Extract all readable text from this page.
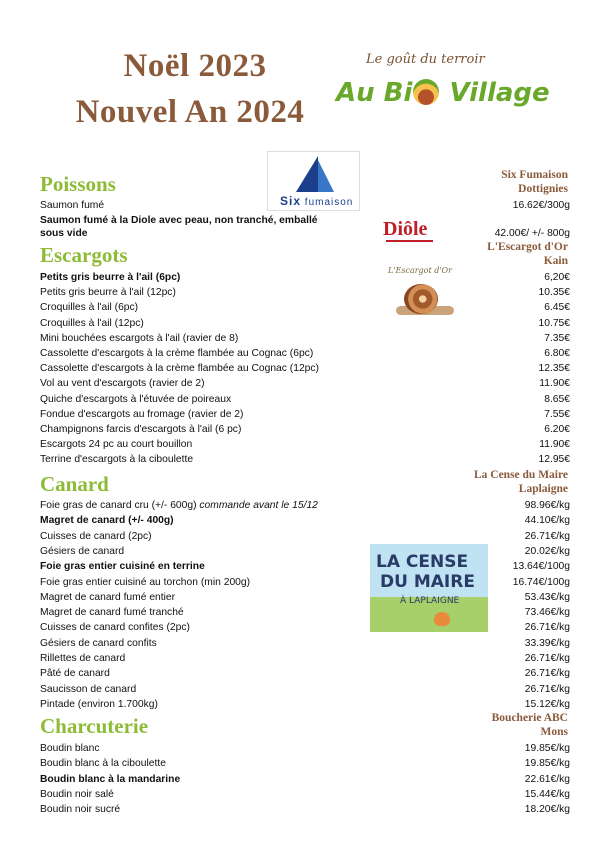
Noël 2023
Nouvel An 2024
Le goût du terroir
Au Bi Village
Poissons	Six Fumaison
Dottignies
Six fumaison
Saumon fumé	16.62€/300g
Saumon fumé à la Diole avec peau, non tranché, emballé
sous vide	42.00€/ +/- 800g
Diôle
Escargots	L'Escargot d'Or
Kain
L'Escargot d'Or
Petits gris beurre à l'ail (6pc)	6,20€
Petits gris beurre à l'ail (12pc)	10.35€
Croquilles à l'ail (6pc)	6.45€
Croquilles à l'ail (12pc)	10.75€
Mini bouchées escargots à l'ail (ravier de 8)	7.35€
Cassolette d'escargots à la crème flambée au Cognac (6pc)	6.80€
Cassolette d'escargots à la crème flambée au Cognac (12pc)	12.35€
Vol au vent d'escargots (ravier de 2)	11.90€
Quiche d'escargots à l'étuvée de poireaux	8.65€
Fondue d'escargots au fromage (ravier de 2)	7.55€
Champignons farcis d'escargots à l'ail (6 pc)	6.20€
Escargots 24 pc au court bouillon	11.90€
Terrine d'escargots à la ciboulette	12.95€
Canard	La Cense du Maire
Laplaigne
LA CENSE
DU MAIRE
À LAPLAIGNE
Foie gras de canard cru (+/- 600g) commande avant le 15/12	98.96€/kg
Magret de canard (+/- 400g)	44.10€/kg
Cuisses de canard (2pc)	26.71€/kg
Gésiers de canard	20.02€/kg
Foie gras entier cuisiné en terrine	13.64€/100g
Foie gras entier cuisiné au torchon (min 200g)	16.74€/100g
Magret de canard fumé entier	53.43€/kg
Magret de canard fumé tranché	73.46€/kg
Cuisses de canard confites (2pc)	26.71€/kg
Gésiers de canard confits	33.39€/kg
Rillettes de canard	26.71€/kg
Pâté de canard	26.71€/kg
Saucisson de canard	26.71€/kg
Pintade (environ 1.700kg)	15.12€/kg
Charcuterie	Boucherie ABC
Mons
Boudin blanc	19.85€/kg
Boudin blanc à la ciboulette	19.85€/kg
Boudin blanc à la mandarine	22.61€/kg
Boudin noir salé	15.44€/kg
Boudin noir sucré	18.20€/kg
